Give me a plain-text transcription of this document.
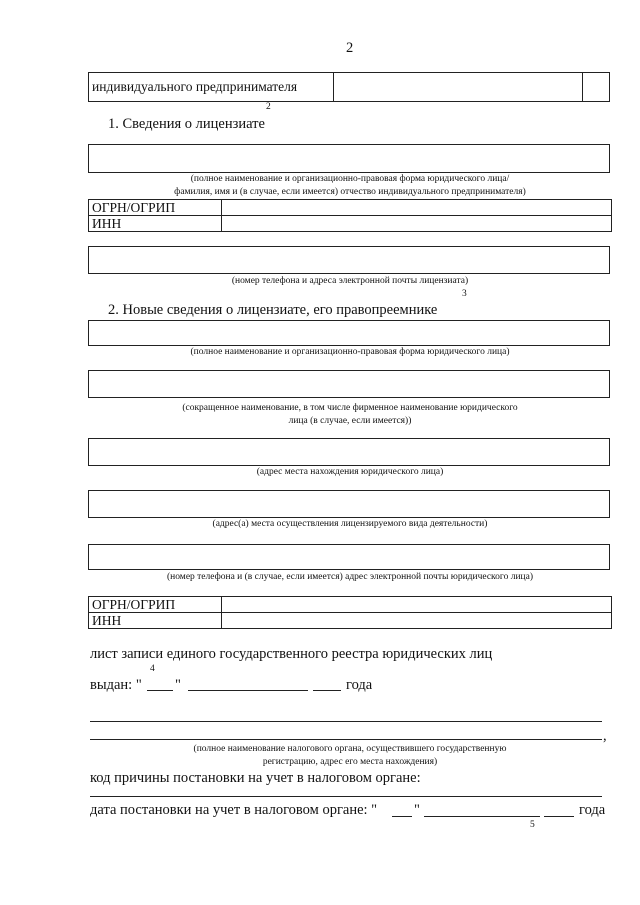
2
индивидуального предпринимателя
2
1. Сведения о лицензиате
(полное наименование и организационно-правовая форма юридического лица/
фамилия, имя и (в случае, если имеется) отчество индивидуального предпринимателя)
ОГРН/ОГРИП	
ИНН	
(номер телефона и адреса электронной почты лицензиата)
3
2. Новые сведения о лицензиате, его правопреемнике
(полное наименование и организационно-правовая форма юридического лица)
(сокращенное наименование, в том числе фирменное наименование юридического
лица (в случае, если имеется))
(адрес места нахождения юридического лица)
(адрес(а) места осуществления лицензируемого вида деятельности)
(номер телефона и (в случае, если имеется) адрес электронной почты юридического лица)
ОГРН/ОГРИП	
ИНН	
лист записи единого государственного реестра юридических лиц
4
выдан: " "	года
,
(полное наименование налогового органа, осуществившего государственную
регистрацию, адрес его места нахождения)
код причины постановки на учет в налоговом органе:
дата постановки на учет в налоговом органе: "	"	года
5
